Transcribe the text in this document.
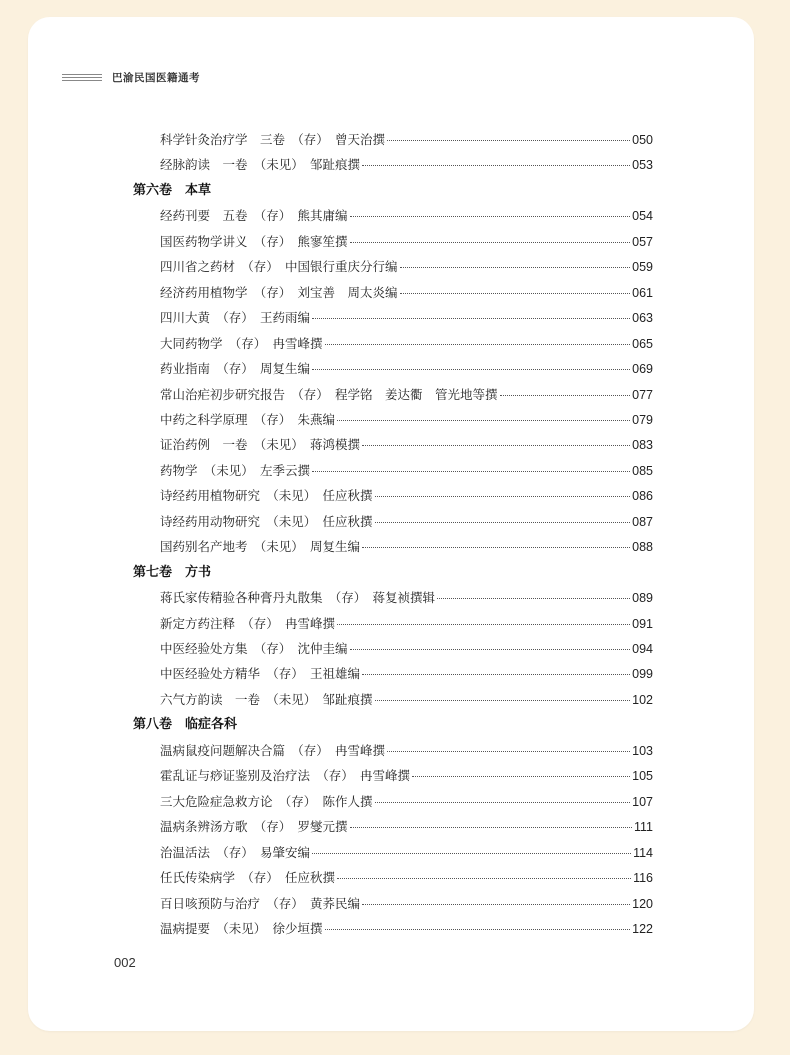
巴渝民国医籍通考
科学针灸治疗学　三卷　（存）　曾天治撰	050
经脉韵读　一卷　（未见）　邹趾痕撰	053
第六卷　本草
经药刊要　五卷　（存）　熊其庸编	054
国医药物学讲义　（存）　熊寥笙撰	057
四川省之药材　（存）　中国银行重庆分行编	059
经济药用植物学　（存）　刘宝善　周太炎编	061
四川大黄　（存）　王药雨编	063
大同药物学　（存）　冉雪峰撰	065
药业指南　（存）　周复生编	069
常山治疟初步研究报告　（存）　程学铭　姜达衢　管光地等撰	077
中药之科学原理　（存）　朱燕编	079
证治药例　一卷　（未见）　蒋鸿模撰	083
药物学　（未见）　左季云撰	085
诗经药用植物研究　（未见）　任应秋撰	086
诗经药用动物研究　（未见）　任应秋撰	087
国药别名产地考　（未见）　周复生编	088
第七卷　方书
蒋氏家传精验各种膏丹丸散集　（存）　蒋复祯撰辑	089
新定方药注释　（存）　冉雪峰撰	091
中医经验处方集　（存）　沈仲圭编	094
中医经验处方精华　（存）　王祖雄编	099
六气方韵读　一卷　（未见）　邹趾痕撰	102
第八卷　临症各科
温病鼠疫问题解决合篇　（存）　冉雪峰撰	103
霍乱证与痧证鉴别及治疗法　（存）　冉雪峰撰	105
三大危险症急救方论　（存）　陈作人撰	107
温病条辨汤方歌　（存）　罗燮元撰	111
治温活法　（存）　易肇安编	114
任氏传染病学　（存）　任应秋撰	116
百日咳预防与治疗　（存）　黄荞民编	120
温病提要　（未见）　徐少垣撰	122
002
